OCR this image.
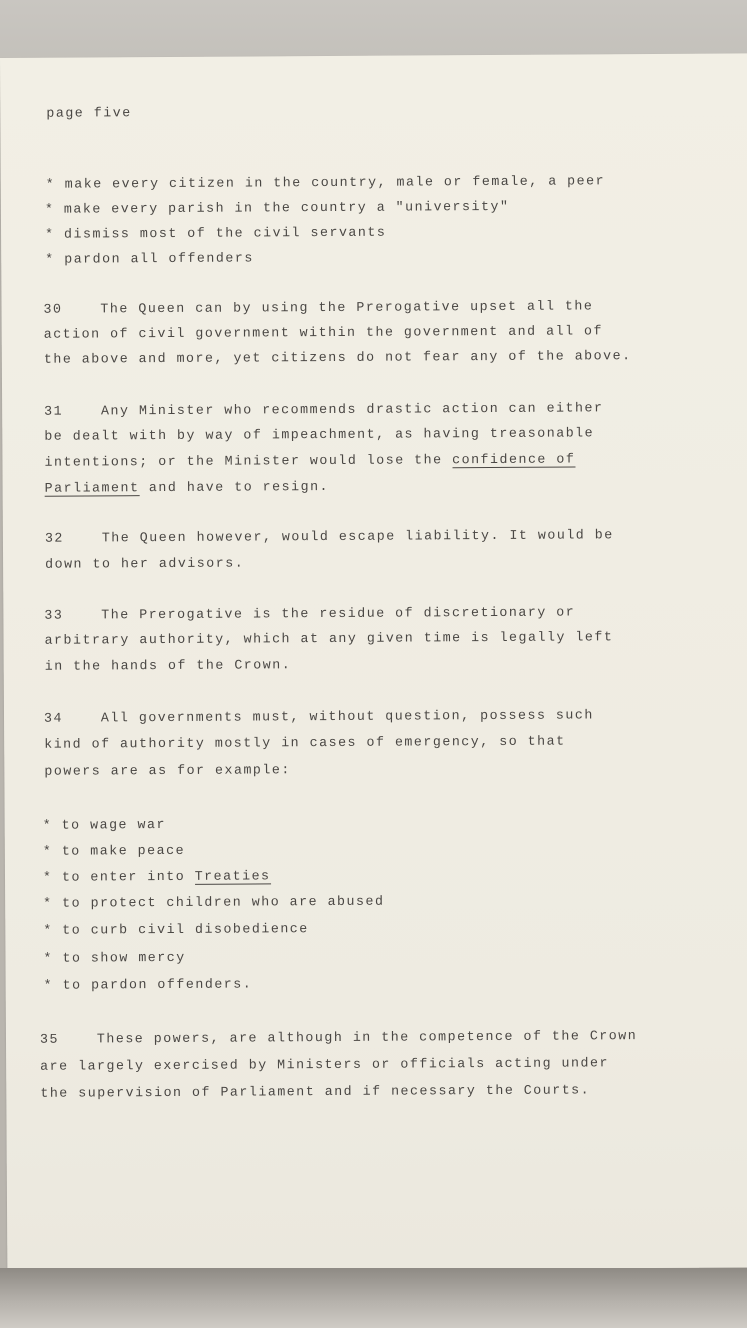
page five
* make every citizen in the country, male or female, a peer
* make every parish in the country a "university"
* dismiss most of the civil servants
* pardon all offenders
30    The Queen can by using the Prerogative upset all the
action of civil government within the government and all of
the above and more, yet citizens do not fear any of the above.
31    Any Minister who recommends drastic action can either
be dealt with by way of impeachment, as having treasonable
intentions; or the Minister would lose the confidence of
Parliament and have to resign.
32    The Queen however, would escape liability. It would be
down to her advisors.
33    The Prerogative is the residue of discretionary or
arbitrary authority, which at any given time is legally left
in the hands of the Crown.
34    All governments must, without question, possess such
kind of authority mostly in cases of emergency, so that
powers are as for example:
* to wage war
* to make peace
* to enter into Treaties
* to protect children who are abused
* to curb civil disobedience
* to show mercy
* to pardon offenders.
35    These powers, are although in the competence of the Crown
are largely exercised by Ministers or officials acting under
the supervision of Parliament and if necessary the Courts.
